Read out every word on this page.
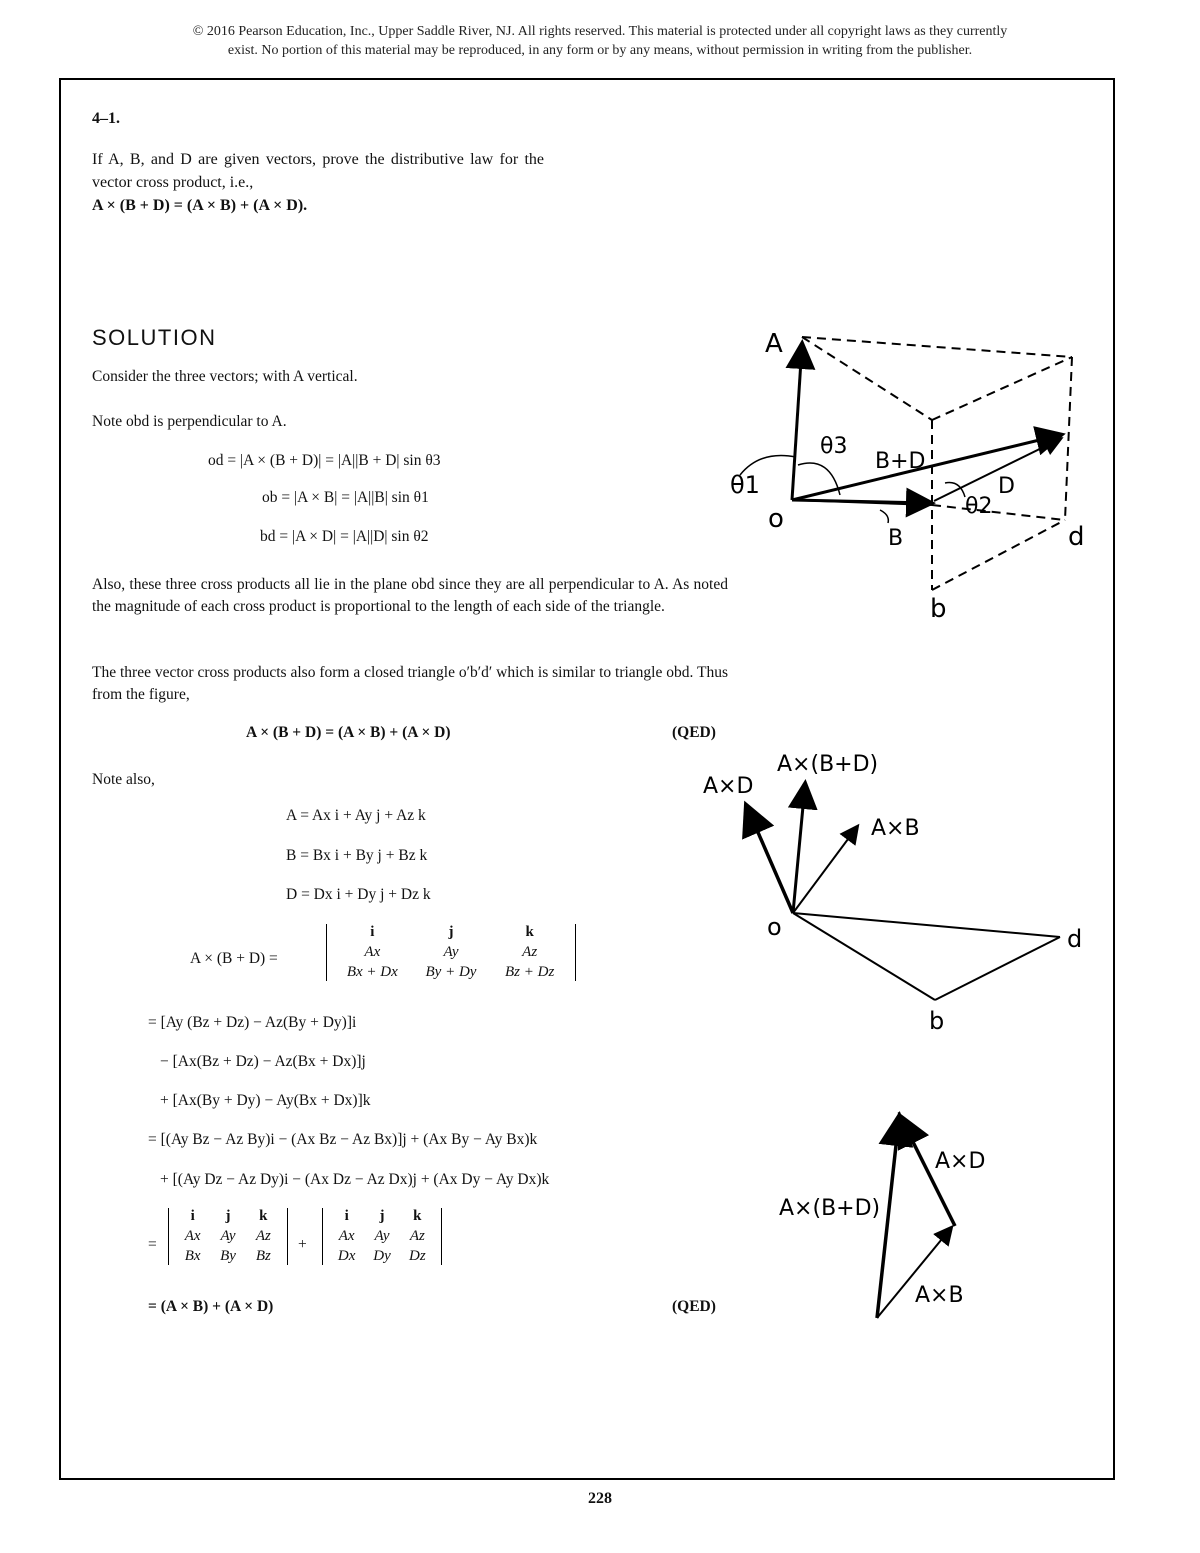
© 2016 Pearson Education, Inc., Upper Saddle River, NJ. All rights reserved. This material is protected under all copyright laws as they currently
exist. No portion of this material may be reproduced, in any form or by any means, without permission in writing from the publisher.
4–1.
If A, B, and D are given vectors, prove the distributive law for the vector cross product, i.e.,
A × (B + D) = (A × B) + (A × D).
SOLUTION
Consider the three vectors; with A vertical.
Note obd is perpendicular to A.
od = |A × (B + D)| = |A||B + D| sin θ3
ob = |A × B| = |A||B| sin θ1
bd = |A × D| = |A||D| sin θ2
Also, these three cross products all lie in the plane obd since they are all perpendicular to A. As noted the magnitude of each cross product is proportional to the length of each side of the triangle.
The three vector cross products also form a closed triangle o′b′d′ which is similar to triangle obd. Thus from the figure,
A × (B + D) = (A × B) + (A × D)	(QED)
Note also,
A = Ax i + Ay j + Az k
B = Bx i + By j + Bz k
D = Dx i + Dy j + Dz k
A × (B + D) =
i	j	k
Ax	Ay	Az
Bx + Dx	By + Dy	Bz + Dz
= [Ay (Bz + Dz) − Az(By + Dy)]i
− [Ax(Bz + Dz) − Az(Bx + Dx)]j
+ [Ax(By + Dy) − Ay(Bx + Dx)]k
= [(Ay Bz − Az By)i − (Ax Bz − Az Bx)]j + (Ax By − Ay Bx)k
+ [(Ay Dz − Az Dy)i − (Ax Dz − Az Dx)j + (Ax Dy − Ay Dx)k
=
i	j	k
Ax	Ay	Az
Bx	By	Bz
+
i	j	k
Ax	Ay	Az
Dx	Dy	Dz
= (A × B) + (A × D)	(QED)
A
θ3
B+D
θ1
o	θ2
D
B	d
b
A×D
A×(B+D)
A×B
o	d
b
A×D
A×(B+D)
A×B
228
